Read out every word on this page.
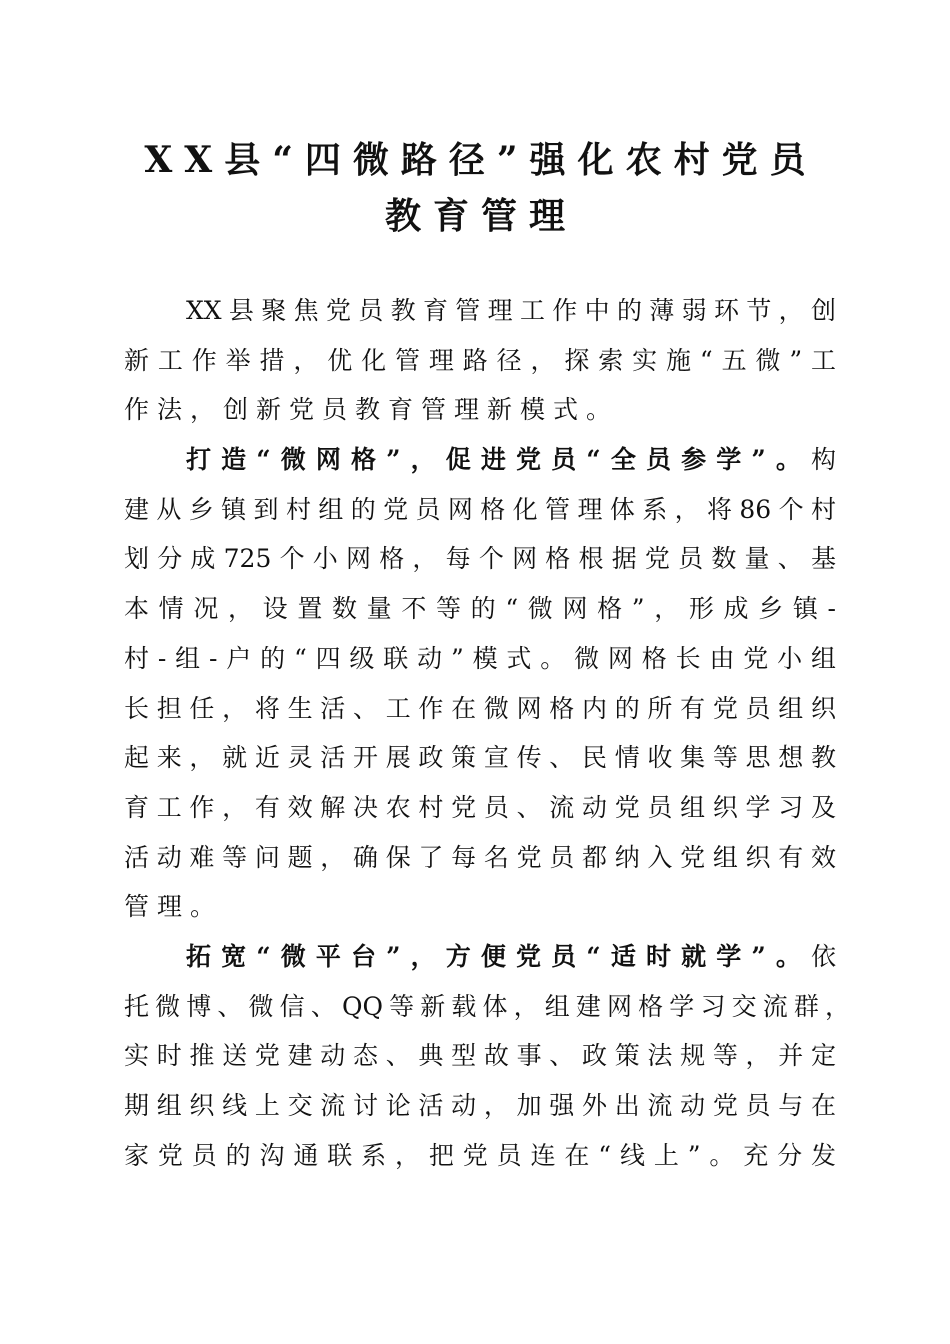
XX县“四微路径”强化农村党员
教育管理
XX县聚焦党员教育管理工作中的薄弱环节，创
新工作举措，优化管理路径，探索实施“五微”工
作法，创新党员教育管理新模式。
打造“微网格”，促进党员“全员参学”。构
建从乡镇到村组的党员网格化管理体系，将86个村
划分成725个小网格，每个网格根据党员数量、基
本情况，设置数量不等的“微网格”，形成乡镇-
村-组-户的“四级联动”模式。微网格长由党小组
长担任，将生活、工作在微网格内的所有党员组织
起来，就近灵活开展政策宣传、民情收集等思想教
育工作，有效解决农村党员、流动党员组织学习及
活动难等问题，确保了每名党员都纳入党组织有效
管理。
拓宽“微平台”，方便党员“适时就学”。依
托微博、微信、QQ等新载体，组建网格学习交流群，
实时推送党建动态、典型故事、政策法规等，并定
期组织线上交流讨论活动，加强外出流动党员与在
家党员的沟通联系，把党员连在“线上”。充分发
